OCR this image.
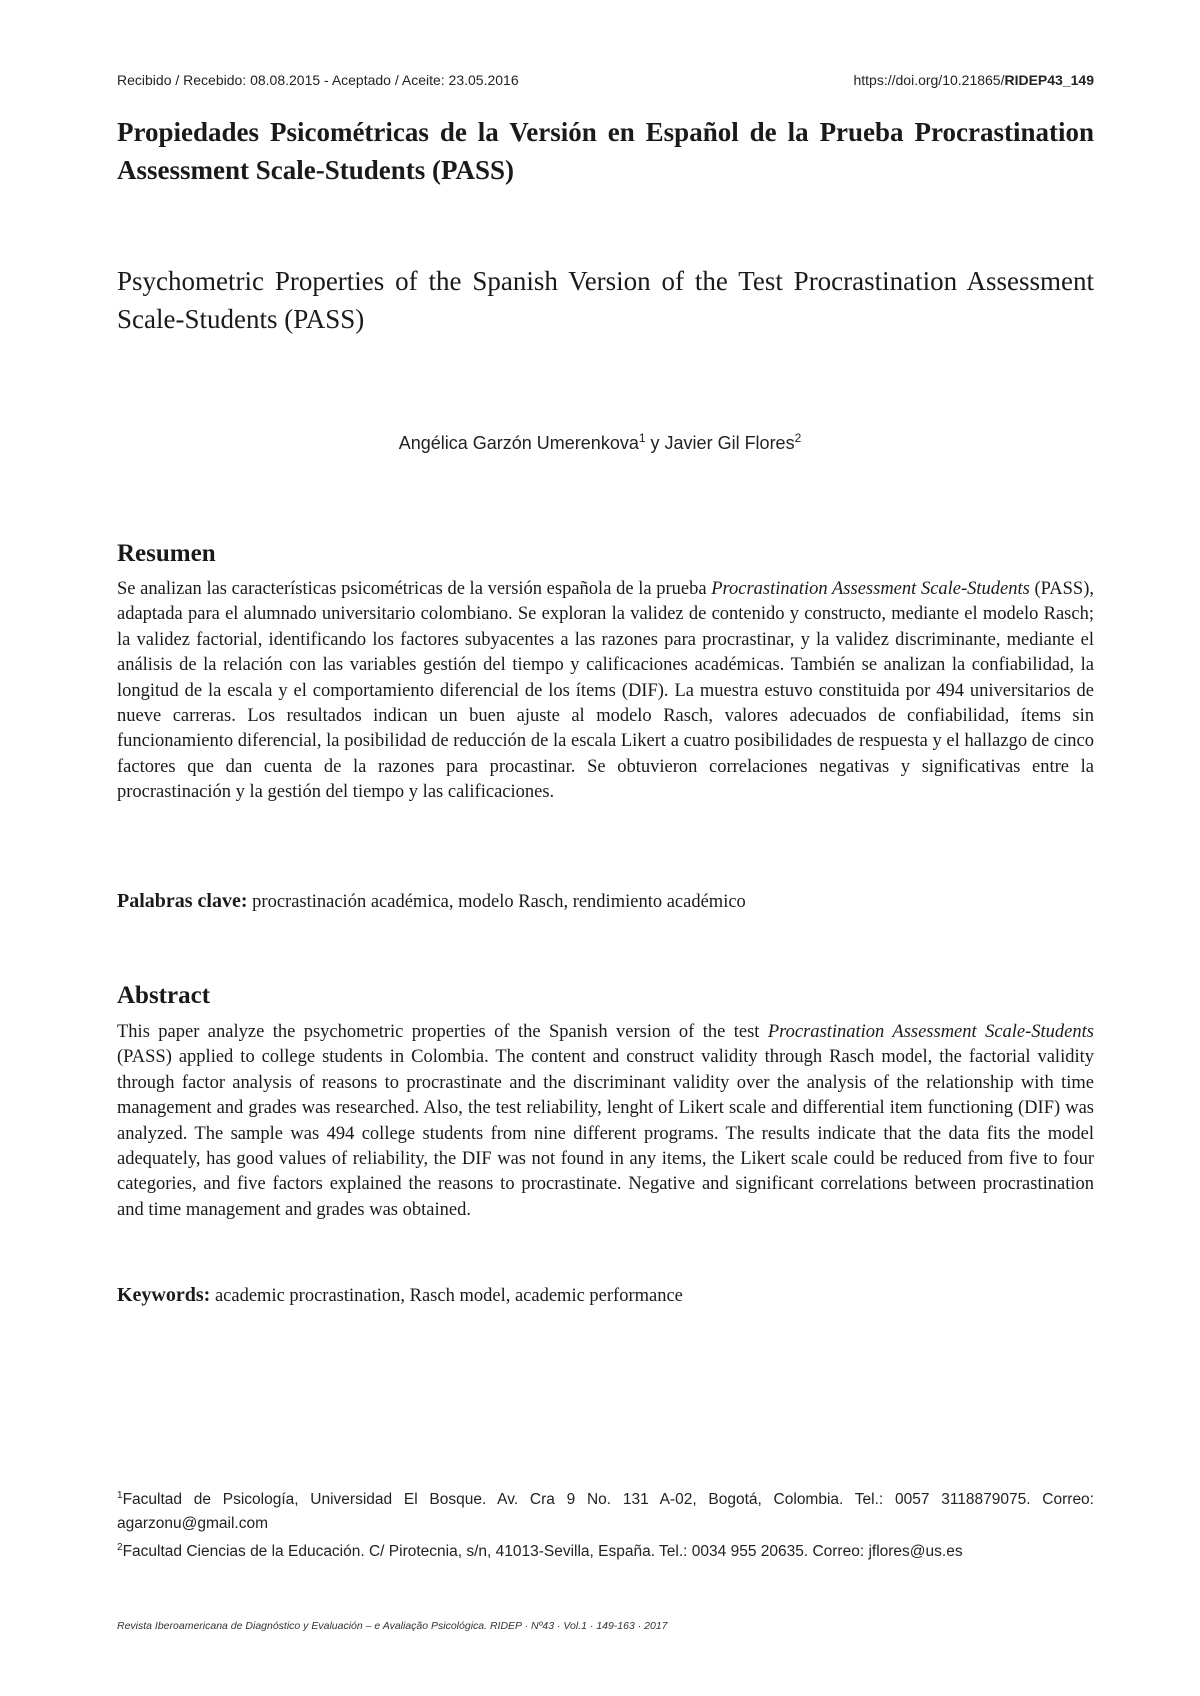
Recibido / Recebido: 08.08.2015 - Aceptado / Aceite: 23.05.2016	https://doi.org/10.21865/RIDEP43_149
Propiedades Psicométricas de la Versión en Español de la Prueba Procrastination Assessment Scale-Students (PASS)
Psychometric Properties of the Spanish Version of the Test Procrastination Assessment Scale-Students (PASS)
Angélica Garzón Umerenkova$^1$ y Javier Gil Flores$^2$
Resumen

Se analizan las características psicométricas de la versión española de la prueba Procrastination Assessment Scale-Students (PASS), adaptada para el alumnado universitario colombiano. Se exploran la validez de contenido y constructo, mediante el modelo Rasch; la validez factorial, identificando los factores subyacentes a las razones para procrastinar, y la validez discriminante, mediante el análisis de la relación con las variables gestión del tiempo y calificaciones académicas. También se analizan la confiabilidad, la longitud de la escala y el comportamiento diferencial de los ítems (DIF). La muestra estuvo constituida por 494 universitarios de nueve carreras. Los resultados indican un buen ajuste al modelo Rasch, valores adecuados de confiabilidad, ítems sin funcionamiento diferencial, la posibilidad de reducción de la escala Likert a cuatro posibilidades de respuesta y el hallazgo de cinco factores que dan cuenta de la razones para procastinar. Se obtuvieron correlaciones negativas y significativas entre la procrastinación y la gestión del tiempo y las calificaciones.

Palabras clave: procrastinación académica, modelo Rasch, rendimiento académico

Abstract

This paper analyze the psychometric properties of the Spanish version of the test Procrastination Assessment Scale-Students (PASS) applied to college students in Colombia. The content and construct validity through Rasch model, the factorial validity through factor analysis of reasons to procrastinate and the discriminant validity over the analysis of the relationship with time management and grades was researched. Also, the test reliability, lenght of Likert scale and differential item functioning (DIF) was analyzed. The sample was 494 college students from nine different programs. The results indicate that the data fits the model adequately, has good values of reliability, the DIF was not found in any items, the Likert scale could be reduced from five to four categories, and five factors explained the reasons to procrastinate. Negative and significant correlations between procrastination and time management and grades was obtained.

Keywords: academic procrastination, Rasch model, academic performance

$^1$Facultad de Psicología, Universidad El Bosque. Av. Cra 9 No. 131 A-02, Bogotá, Colombia. Tel.: 0057 3118879075. Correo: agarzonu@gmail.com

$^2$Facultad Ciencias de la Educación. C/ Pirotecnia, s/n, 41013-Sevilla, España. Tel.: 0034 955 20635. Correo: jflores@us.es

Revista Iberoamericana de Diagnóstico y Evaluación – e Avaliação Psicológica. RIDEP · Nº43 · Vol.1 · 149-163 · 2017
